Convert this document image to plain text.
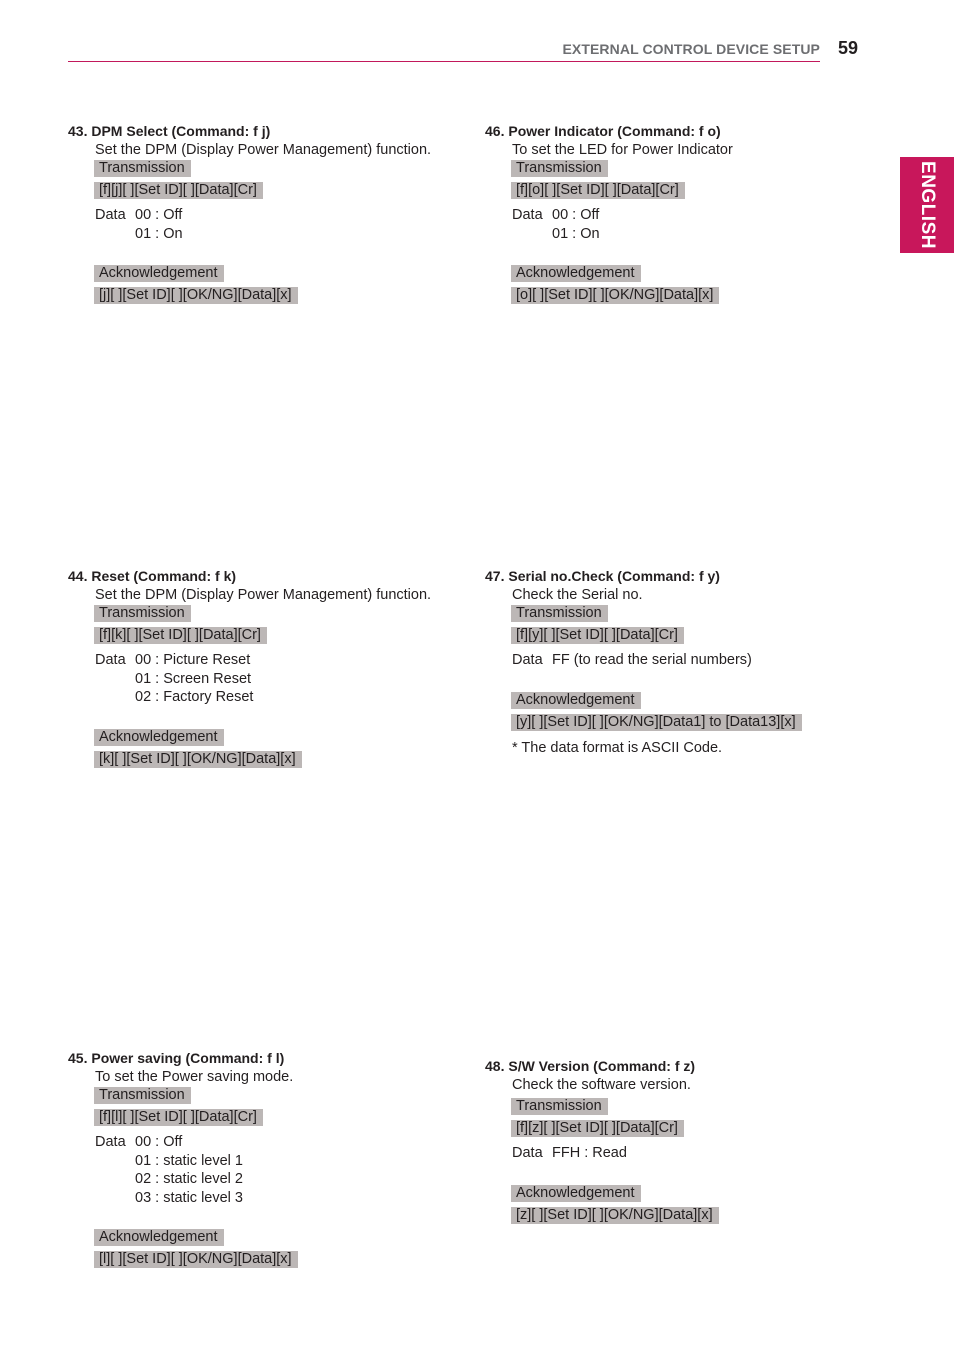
EXTERNAL CONTROL DEVICE SETUP 59
ENGLISH
43. DPM Select (Command: f j)
Set the DPM (Display Power Management) function.
Transmission
[f][j][ ][Set ID][ ][Data][Cr]
Data 00 : Off
01 : On
Acknowledgement
[j][ ][Set ID][ ][OK/NG][Data][x]
44. Reset (Command: f k)
Set the DPM (Display Power Management) function.
Transmission
[f][k][ ][Set ID][ ][Data][Cr]
Data 00 : Picture Reset
01 : Screen Reset
02 : Factory Reset
Acknowledgement
[k][ ][Set ID][ ][OK/NG][Data][x]
45. Power saving (Command: f l)
To set the Power saving mode.
Transmission
[f][l][ ][Set ID][ ][Data][Cr]
Data 00 : Off
01 : static level 1
02 : static level 2
03 : static level 3
Acknowledgement
[l][ ][Set ID][ ][OK/NG][Data][x]
46. Power Indicator (Command: f o)
To set the LED for Power Indicator
Transmission
[f][o][ ][Set ID][ ][Data][Cr]
Data 00 : Off
01 : On
Acknowledgement
[o][ ][Set ID][ ][OK/NG][Data][x]
47. Serial no.Check (Command: f y)
Check the Serial no.
Transmission
[f][y][ ][Set ID][ ][Data][Cr]
Data FF (to read the serial numbers)
Acknowledgement
[y][ ][Set ID][ ][OK/NG][Data1] to [Data13][x]
* The data format is ASCII Code.
48. S/W Version (Command: f z)
Check the software version.
Transmission
[f][z][ ][Set ID][ ][Data][Cr]
Data FFH : Read
Acknowledgement
[z][ ][Set ID][ ][OK/NG][Data][x]
